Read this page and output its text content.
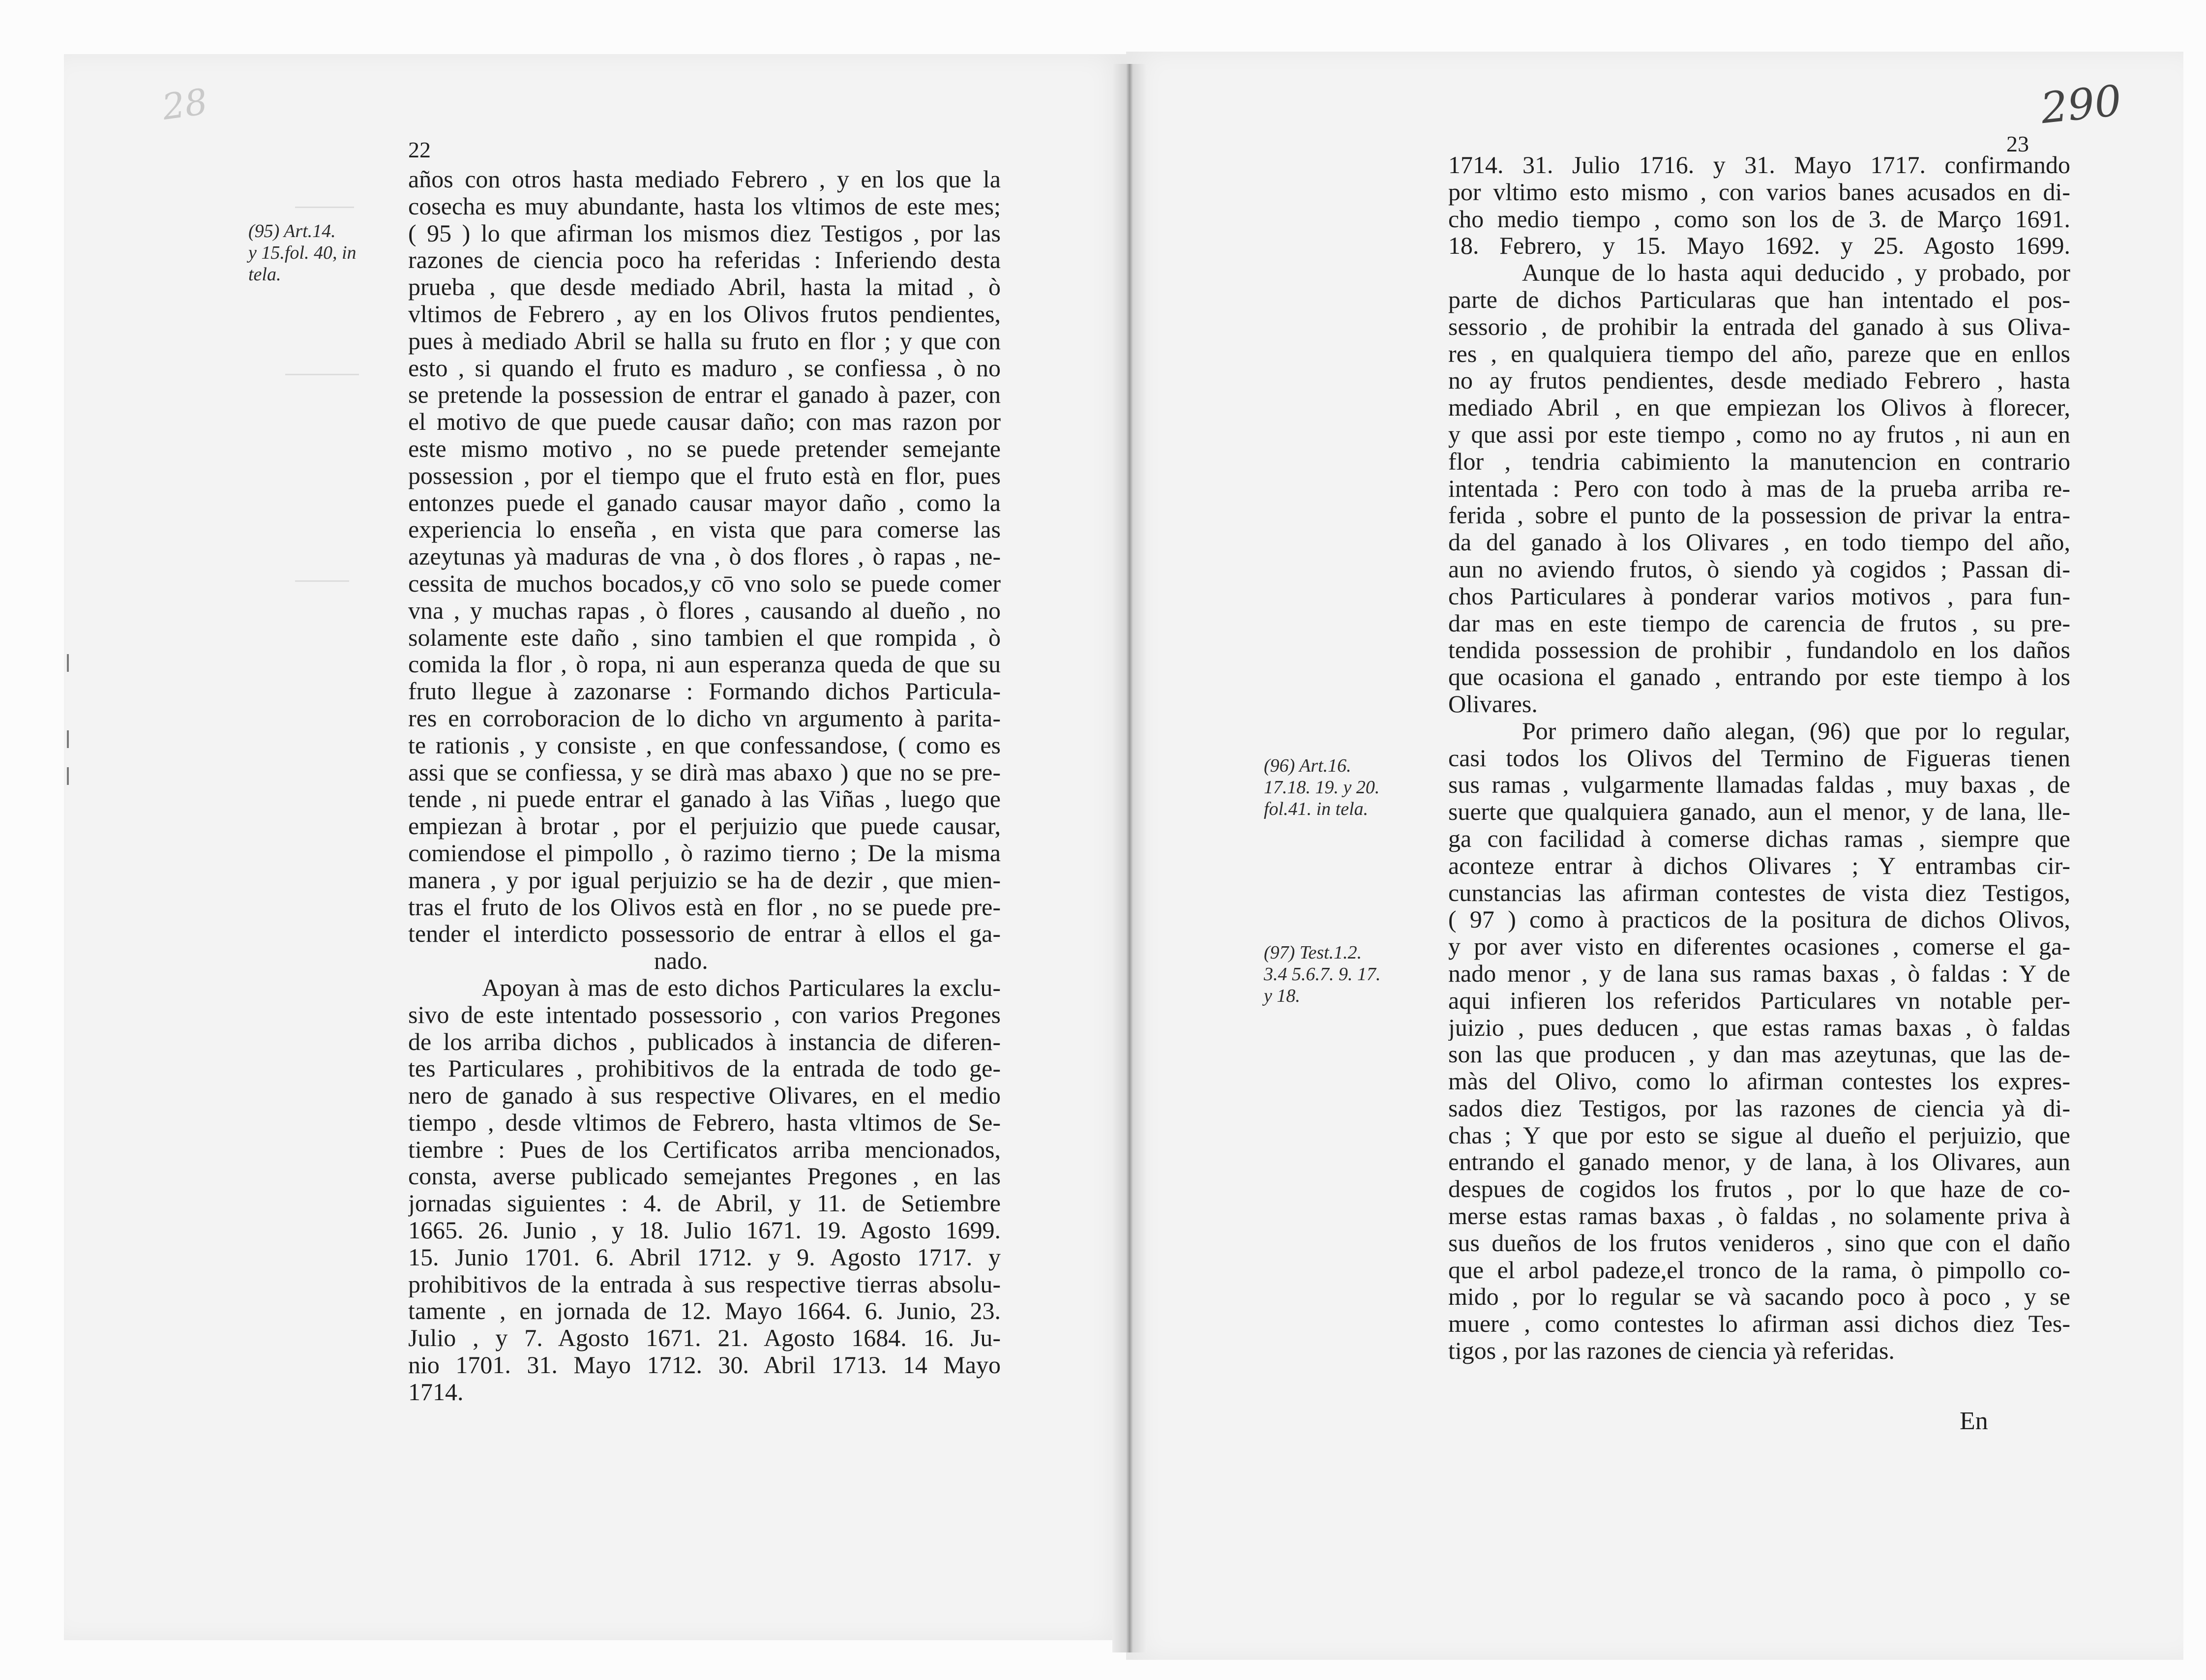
28
22
(95) Art.14.
y 15.fol. 40, in
tela.
años con otros hasta mediado Febrero , y en los que la
cosecha es muy abundante, hasta los vltimos de este mes;
( 95 ) lo que afirman los mismos diez Testigos , por las
razones de ciencia poco ha referidas : Inferiendo desta
prueba , que desde mediado Abril, hasta la mitad , ò
vltimos de Febrero , ay en los Olivos frutos pendientes,
pues à mediado Abril se halla su fruto en flor ; y que con
esto , si quando el fruto es maduro , se confiessa , ò no
se pretende la possession de entrar el ganado à pazer, con
el motivo de que puede causar daño; con mas razon por
este mismo motivo , no se puede pretender semejante
possession , por el tiempo que el fruto està en flor, pues
entonzes puede el ganado causar mayor daño , como la
experiencia lo enseña , en vista que para comerse las
azeytunas yà maduras de vna , ò dos flores , ò rapas , ne-
cessita de muchos bocados,y cō vno solo se puede comer
vna , y muchas rapas , ò flores , causando al dueño , no
solamente este daño , sino tambien el que rompida , ò
comida la flor , ò ropa, ni aun esperanza queda de que su
fruto llegue à zazonarse : Formando dichos Particula-
res en corroboracion de lo dicho vn argumento à parita-
te rationis , y consiste , en que confessandose, ( como es
assi que se confiessa, y se dirà mas abaxo ) que no se pre-
tende , ni puede entrar el ganado à las Viñas , luego que
empiezan à brotar , por el perjuizio que puede causar,
comiendose el pimpollo , ò razimo tierno ; De la misma
manera , y por igual perjuizio se ha de dezir , que mien-
tras el fruto de los Olivos està en flor , no se puede pre-
tender el interdicto possessorio de entrar à ellos el ga-
nado.
Apoyan à mas de esto dichos Particulares la exclu-
sivo de este intentado possessorio , con varios Pregones
de los arriba dichos , publicados à instancia de diferen-
tes Particulares , prohibitivos de la entrada de todo ge-
nero de ganado à sus respective Olivares, en el medio
tiempo , desde vltimos de Febrero, hasta vltimos de Se-
tiembre : Pues de los Certificatos arriba mencionados,
consta, averse publicado semejantes Pregones , en las
jornadas siguientes : 4. de Abril, y 11. de Setiembre
1665. 26. Junio , y 18. Julio 1671. 19. Agosto 1699.
15. Junio 1701. 6. Abril 1712. y 9. Agosto 1717. y
prohibitivos de la entrada à sus respective tierras absolu-
tamente , en jornada de 12. Mayo 1664. 6. Junio, 23.
Julio , y 7. Agosto 1671. 21. Agosto 1684. 16. Ju-
nio 1701. 31. Mayo 1712. 30. Abril 1713. 14 Mayo
1714.
290
23
(96) Art.16.
17.18. 19. y 20.
fol.41. in tela.
(97) Test.1.2.
3.4 5.6.7. 9. 17.
y 18.
1714. 31. Julio 1716. y 31. Mayo 1717. confirmando
por vltimo esto mismo , con varios banes acusados en di-
cho medio tiempo , como son los de 3. de Março 1691.
18. Febrero, y 15. Mayo 1692. y 25. Agosto 1699.
Aunque de lo hasta aqui deducido , y probado, por
parte de dichos Particularas que han intentado el pos-
sessorio , de prohibir la entrada del ganado à sus Oliva-
res , en qualquiera tiempo del año, pareze que en enllos
no ay frutos pendientes, desde mediado Febrero , hasta
mediado Abril , en que empiezan los Olivos à florecer,
y que assi por este tiempo , como no ay frutos , ni aun en
flor , tendria cabimiento la manutencion en contrario
intentada : Pero con todo à mas de la prueba arriba re-
ferida , sobre el punto de la possession de privar la entra-
da del ganado à los Olivares , en todo tiempo del año,
aun no aviendo frutos, ò siendo yà cogidos ; Passan di-
chos Particulares à ponderar varios motivos , para fun-
dar mas en este tiempo de carencia de frutos , su pre-
tendida possession de prohibir , fundandolo en los daños
que ocasiona el ganado , entrando por este tiempo à los
Olivares.
Por primero daño alegan, (96) que por lo regular,
casi todos los Olivos del Termino de Figueras tienen
sus ramas , vulgarmente llamadas faldas , muy baxas , de
suerte que qualquiera ganado, aun el menor, y de lana, lle-
ga con facilidad à comerse dichas ramas , siempre que
aconteze entrar à dichos Olivares ; Y entrambas cir-
cunstancias las afirman contestes de vista diez Testigos,
( 97 ) como à practicos de la positura de dichos Olivos,
y por aver visto en diferentes ocasiones , comerse el ga-
nado menor , y de lana sus ramas baxas , ò faldas : Y de
aqui infieren los referidos Particulares vn notable per-
juizio , pues deducen , que estas ramas baxas , ò faldas
son las que producen , y dan mas azeytunas, que las de-
màs del Olivo, como lo afirman contestes los expres-
sados diez Testigos, por las razones de ciencia yà di-
chas ; Y que por esto se sigue al dueño el perjuizio, que
entrando el ganado menor, y de lana, à los Olivares, aun
despues de cogidos los frutos , por lo que haze de co-
merse estas ramas baxas , ò faldas , no solamente priva à
sus dueños de los frutos venideros , sino que con el daño
que el arbol padeze,el tronco de la rama, ò pimpollo co-
mido , por lo regular se và sacando poco à poco , y se
muere , como contestes lo afirman assi dichos diez Tes-
tigos , por las razones de ciencia yà referidas.
En
